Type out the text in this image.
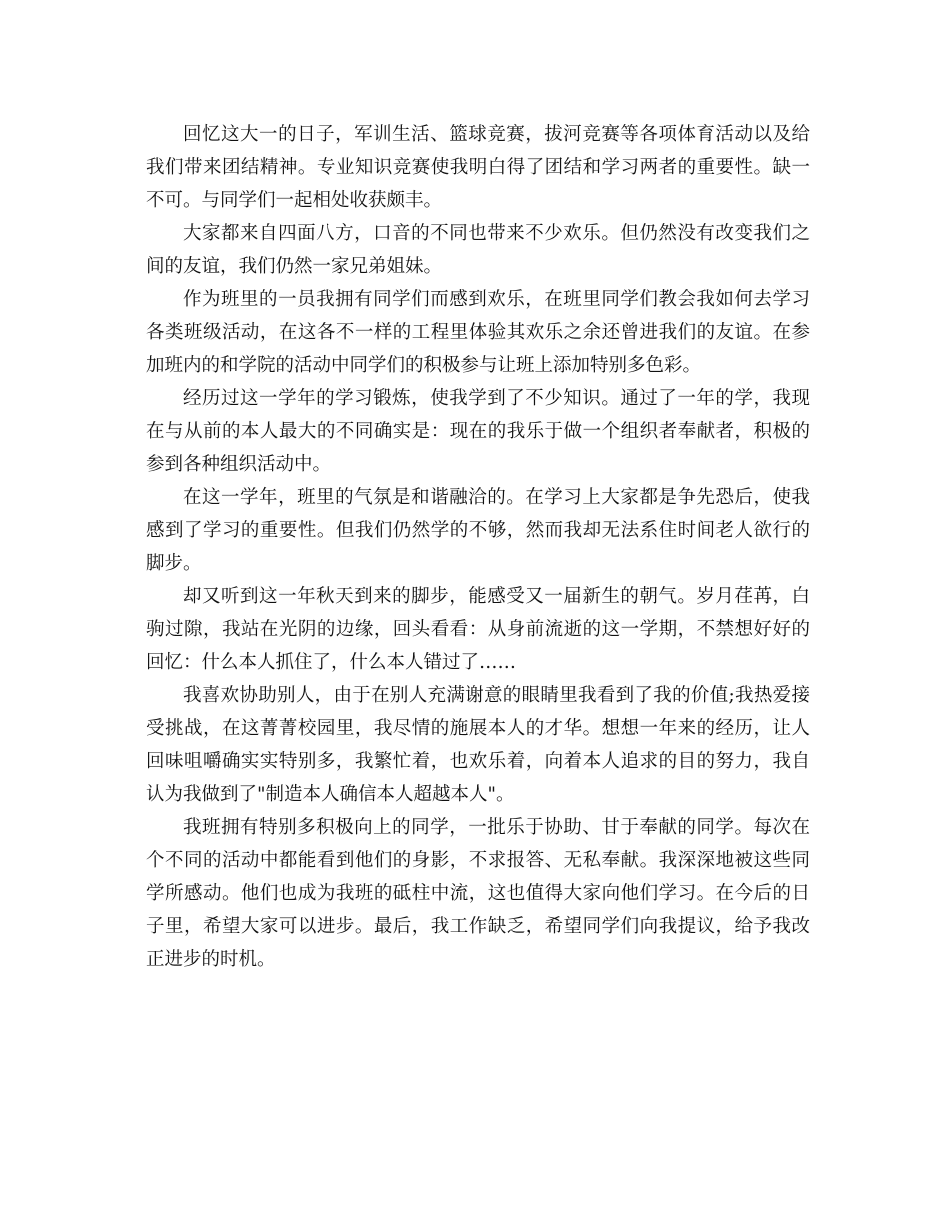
回忆这大一的日子，军训生活、篮球竞赛，拔河竞赛等各项体育活动以及给我们带来团结精神。专业知识竞赛使我明白得了团结和学习两者的重要性。缺一不可。与同学们一起相处收获颇丰。

大家都来自四面八方，口音的不同也带来不少欢乐。但仍然没有改变我们之间的友谊，我们仍然一家兄弟姐妹。

作为班里的一员我拥有同学们而感到欢乐，在班里同学们教会我如何去学习各类班级活动，在这各不一样的工程里体验其欢乐之余还曾进我们的友谊。在参加班内的和学院的活动中同学们的积极参与让班上添加特别多色彩。

经历过这一学年的学习锻炼，使我学到了不少知识。通过了一年的学，我现在与从前的本人最大的不同确实是：现在的我乐于做一个组织者奉献者，积极的参到各种组织活动中。

在这一学年，班里的气氛是和谐融洽的。在学习上大家都是争先恐后，使我感到了学习的重要性。但我们仍然学的不够，然而我却无法系住时间老人欲行的脚步。

却又听到这一年秋天到来的脚步，能感受又一届新生的朝气。岁月荏苒，白驹过隙，我站在光阴的边缘，回头看看：从身前流逝的这一学期，不禁想好好的回忆：什么本人抓住了，什么本人错过了……

我喜欢协助别人，由于在别人充满谢意的眼睛里我看到了我的价值;我热爱接受挑战，在这菁菁校园里，我尽情的施展本人的才华。想想一年来的经历，让人回味咀嚼确实实特别多，我繁忙着，也欢乐着，向着本人追求的目的努力，我自认为我做到了"制造本人确信本人超越本人"。

我班拥有特别多积极向上的同学，一批乐于协助、甘于奉献的同学。每次在个不同的活动中都能看到他们的身影，不求报答、无私奉献。我深深地被这些同学所感动。他们也成为我班的砥柱中流，这也值得大家向他们学习。在今后的日子里，希望大家可以进步。最后，我工作缺乏，希望同学们向我提议，给予我改正进步的时机。
